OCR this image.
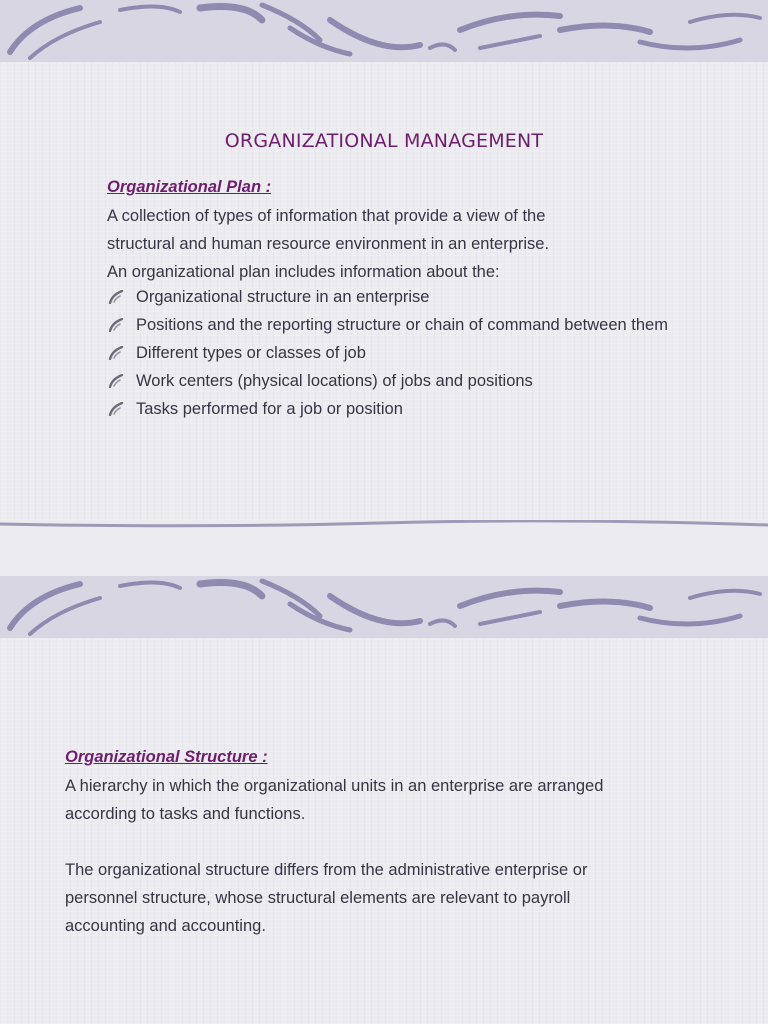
ORGANIZATIONAL MANAGEMENT
Organizational Plan :

A collection of types of information that provide a view of the

structural and human resource environment in an enterprise.

An organizational plan includes information about the:

Organizational structure in an enterprise
Positions and the reporting structure or chain of command between them
Different types or classes of job
Work centers (physical locations) of jobs and positions
Tasks performed for a job or position
Organizational Structure :

A hierarchy in which the organizational units in an enterprise are arranged

according to tasks and functions.

The organizational structure differs from the administrative enterprise or

personnel structure, whose structural elements are relevant to payroll

accounting and accounting.
